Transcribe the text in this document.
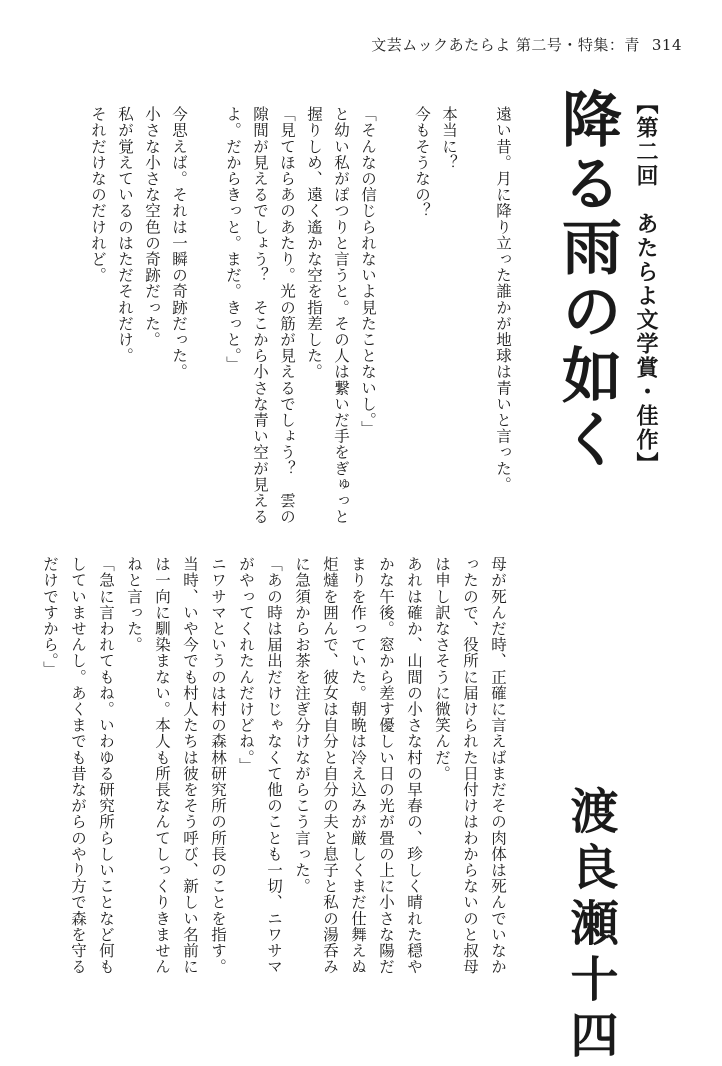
文芸ムックあたらよ 第二号・特集：青 314
【第二回　あたらよ文学賞・佳作】
降る雨の如く
渡良瀬十四

遠い昔。月に降り立った誰かが地球は青いと言った。

本当に？

今もそうなの？

「そんなの信じられないよ見たことないし。」

と幼い私がぽつりと言うと。その人は繋いだ手をぎゅっと握りしめ、遠く遙かな空を指差した。

「見てほらあのあたり。光の筋が見えるでしょう？　雲の隙間が見えるでしょう？　そこから小さな青い空が見えるよ。だからきっと。まだ。きっと。」

今思えば。それは一瞬の奇跡だった。

小さな小さな空色の奇跡だった。

私が覚えているのはただそれだけ。

それだけなのだけれど。

母が死んだ時、正確に言えばまだその肉体は死んでいなかったので、役所に届けられた日付けはわからないのと叔母は申し訳なさそうに微笑んだ。

あれは確か、山間の小さな村の早春の、珍しく晴れた穏やかな午後。窓から差す優しい日の光が畳の上に小さな陽だまりを作っていた。朝晩は冷え込みが厳しくまだ仕舞えぬ炬燵を囲んで、彼女は自分と自分の夫と息子と私の湯呑みに急須からお茶を注ぎ分けながらこう言った。

「あの時は届出だけじゃなくて他のことも一切、ニワサマがやってくれたんだけどね。」

ニワサマというのは村の森林研究所の所長のことを指す。当時、いや今でも村人たちは彼をそう呼び、新しい名前には一向に馴染まない。本人も所長なんてしっくりきませんねと言った。

「急に言われてもね。いわゆる研究所らしいことなど何もしていませんし。あくまでも昔ながらのやり方で森を守るだけですから。」
